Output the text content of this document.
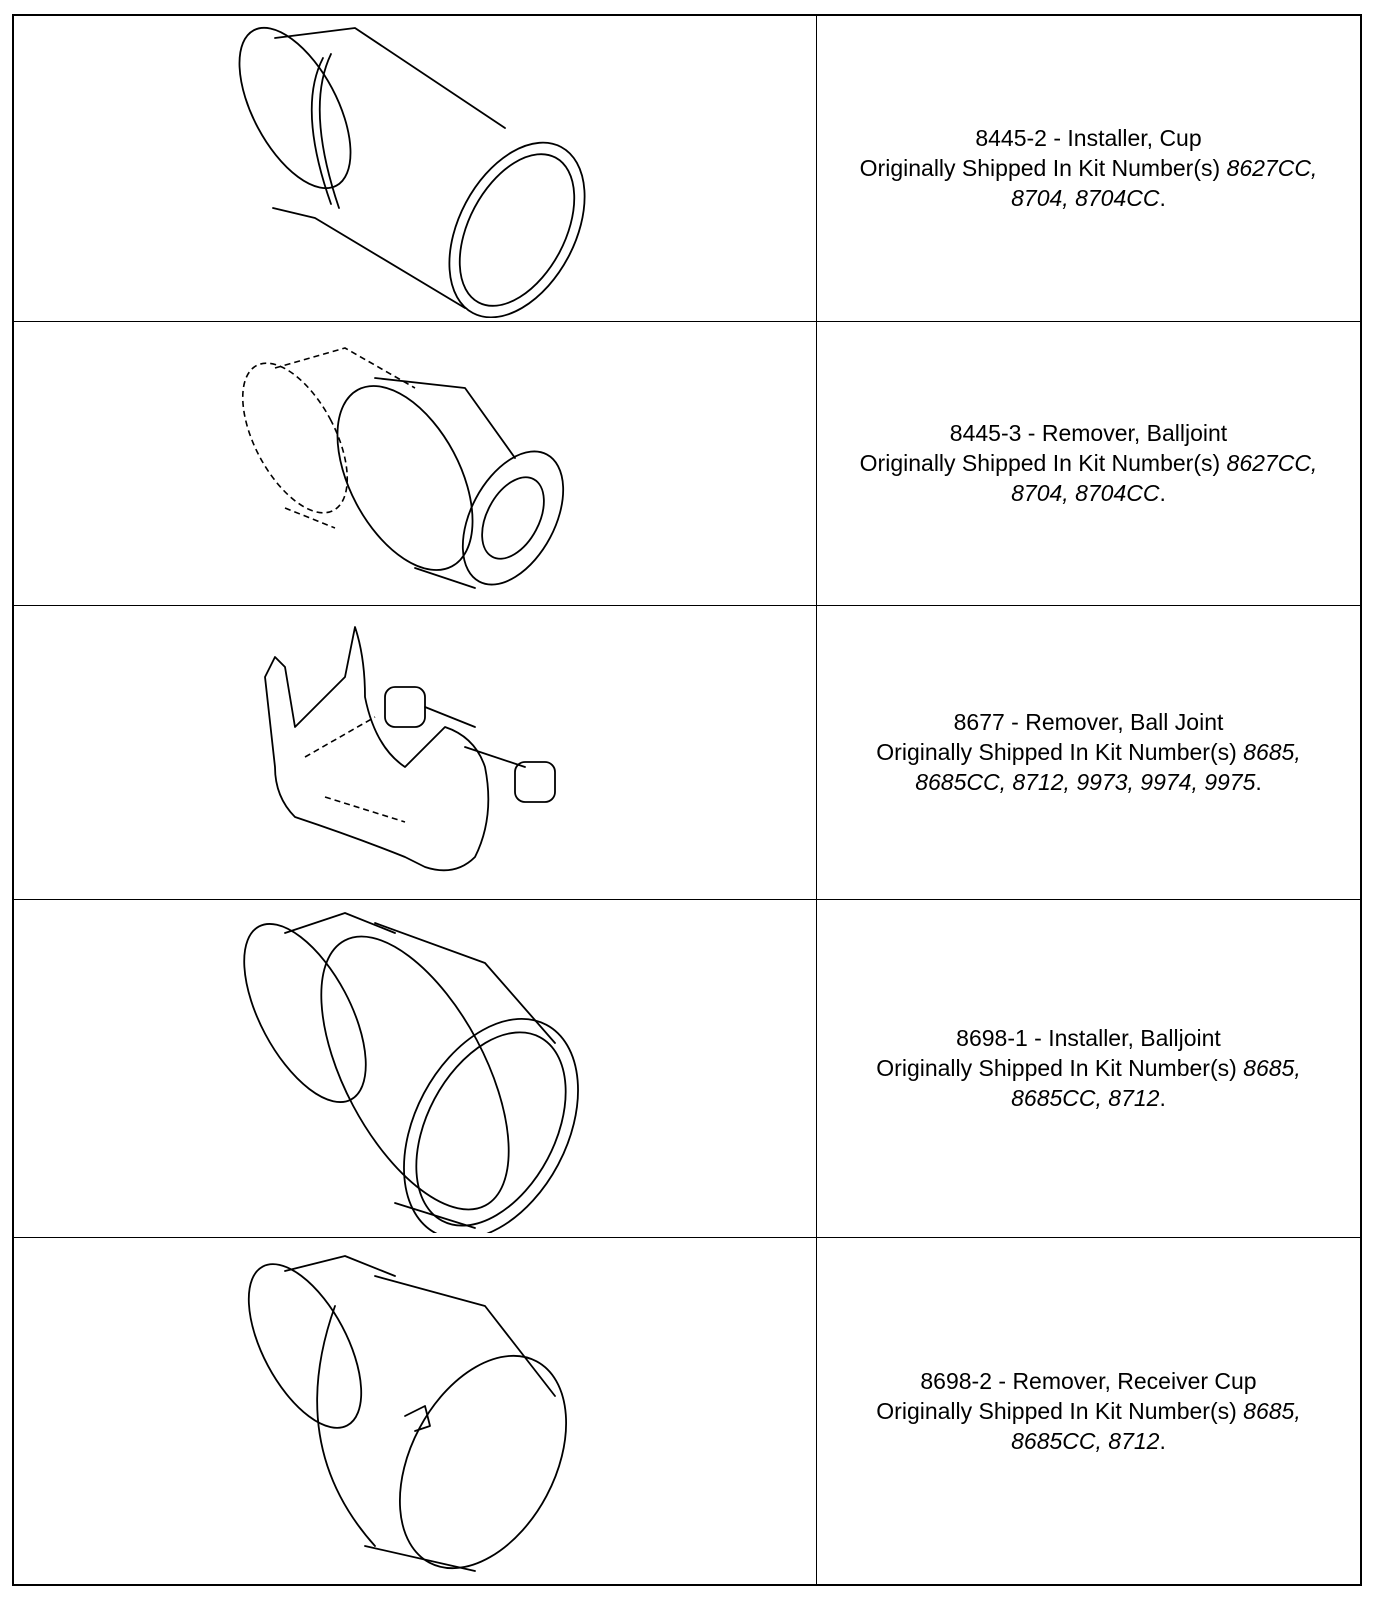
8445-2 - Installer, Cup
Originally Shipped In Kit Number(s) 8627CC, 8704, 8704CC.

8445-3 - Remover, Balljoint
Originally Shipped In Kit Number(s) 8627CC, 8704, 8704CC.

8677 - Remover, Ball Joint
Originally Shipped In Kit Number(s) 8685, 8685CC, 8712, 9973, 9974, 9975.

8698-1 - Installer, Balljoint
Originally Shipped In Kit Number(s) 8685, 8685CC, 8712.

8698-2 - Remover, Receiver Cup
Originally Shipped In Kit Number(s) 8685, 8685CC, 8712.
